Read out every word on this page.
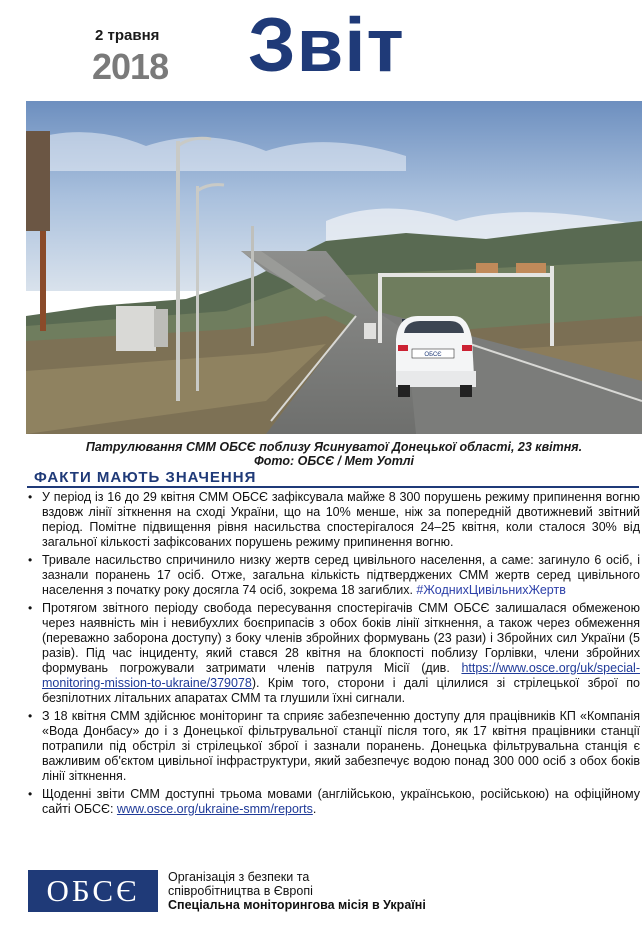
2 травня
2018 Звіт
ОБСЄ
Патрулювання СММ ОБСЄ поблизу Ясинуватої Донецької області, 23 квітня.
Фото: ОБСЄ / Мет Уотлі
ФАКТИ МАЮТЬ ЗНАЧЕННЯ
• У період із 16 до 29 квітня СММ ОБСЄ зафіксувала майже 8 300 порушень режиму припинення вогню вздовж лінії зіткнення на сході України, що на 10% менше, ніж за попередній двотижневий звітний період. Помітне підвищення рівня насильства спостерігалося 24–25 квітня, коли сталося 30% від загальної кількості зафіксованих порушень режиму припинення вогню.
• Тривале насильство спричинило низку жертв серед цивільного населення, а саме: загинуло 6 осіб, і зазнали поранень 17 осіб. Отже, загальна кількість підтверджених СММ жертв серед цивільного населення з початку року досягла 74 осіб, зокрема 18 загиблих. #ЖоднихЦивільнихЖертв
• Протягом звітного періоду свобода пересування спостерігачів СММ ОБСЄ залишалася обмеженою через наявність мін і невибухлих боєприпасів з обох боків лінії зіткнення, а також через обмеження (переважно заборона доступу) з боку членів збройних формувань (23 рази) і Збройних сил України (5 разів). Під час інциденту, який стався 28 квітня на блокпості поблизу Горлівки, члени збройних формувань погрожували затримати членів патруля Місії (див. https://www.osce.org/uk/special-monitoring-mission-to-ukraine/379078). Крім того, сторони і далі цілилися зі стрілецької зброї по безпілотних літальних апаратах СММ та глушили їхні сигнали.
• З 18 квітня СММ здійснює моніторинг та сприяє забезпеченню доступу для працівників КП «Компанія «Вода Донбасу» до і з Донецької фільтрувальної станції після того, як 17 квітня працівники станції потрапили під обстріл зі стрілецької зброї і зазнали поранень. Донецька фільтрувальна станція є важливим об'єктом цивільної інфраструктури, який забезпечує водою понад 300 000 осіб з обох боків лінії зіткнення.
• Щоденні звіти СММ доступні трьома мовами (англійською, українською, російською) на офіційному сайті ОБСЄ: www.osce.org/ukraine-smm/reports.
ОБСЄ	Організація з безпеки та
співробітництва в Європі
Спеціальна моніторингова місія в Україні
